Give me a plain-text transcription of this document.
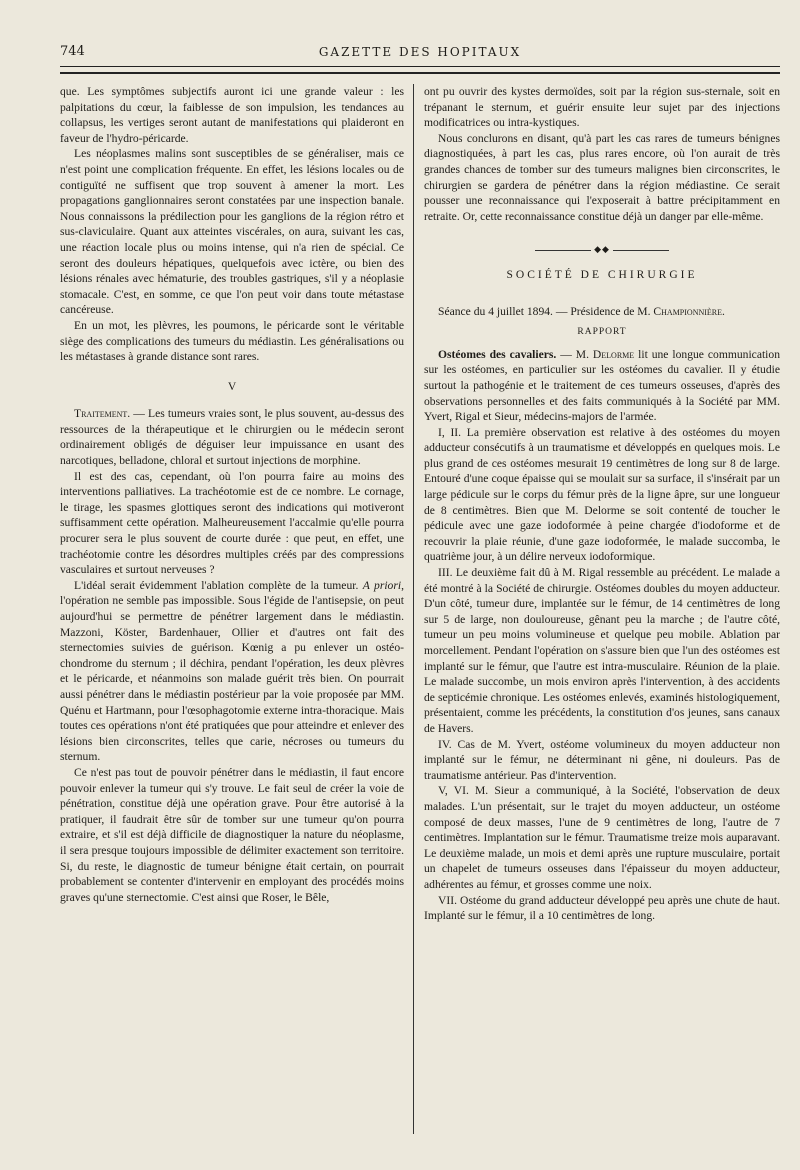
744	GAZETTE DES HOPITAUX

que. Les symptômes subjectifs auront ici une grande valeur : les palpitations du cœur, la faiblesse de son impulsion, les tendances au collapsus, les vertiges seront autant de manifestations qui plaideront en faveur de l'hydro-péricarde.

Les néoplasmes malins sont susceptibles de se généraliser, mais ce n'est point une complication fréquente. En effet, les lésions locales ou de contiguïté ne suffisent que trop souvent à amener la mort. Les propagations ganglionnaires seront constatées par une inspection banale. Nous connaissons la prédilection pour les ganglions de la région rétro et sus-claviculaire. Quant aux atteintes viscérales, on aura, suivant les cas, une réaction locale plus ou moins intense, qui n'a rien de spécial. Ce seront des douleurs hépatiques, quelquefois avec ictère, ou bien des lésions rénales avec hématurie, des troubles gastriques, s'il y a néoplasie stomacale. C'est, en somme, ce que l'on peut voir dans toute métastase cancéreuse.

En un mot, les plèvres, les poumons, le péricarde sont le véritable siège des complications des tumeurs du médiastin. Les généralisations ou les métastases à grande distance sont rares.

V

Traitement. — Les tumeurs vraies sont, le plus souvent, au-dessus des ressources de la thérapeutique et le chirurgien ou le médecin seront ordinairement obligés de déguiser leur impuissance en usant des narcotiques, belladone, chloral et surtout injections de morphine.

Il est des cas, cependant, où l'on pourra faire au moins des interventions palliatives. La trachéotomie est de ce nombre. Le cornage, le tirage, les spasmes glottiques seront des indications qui motiveront suffisamment cette opération. Malheureusement l'accalmie qu'elle pourra procurer sera le plus souvent de courte durée : que peut, en effet, une trachéotomie contre les désordres multiples créés par des compressions vasculaires et surtout nerveuses ?

L'idéal serait évidemment l'ablation complète de la tumeur. A priori, l'opération ne semble pas impossible. Sous l'égide de l'antisepsie, on peut aujourd'hui se permettre de pénétrer largement dans le médiastin. Mazzoni, Köster, Bardenhauer, Ollier et d'autres ont fait des sternectomies suivies de guérison. Kœnig a pu enlever un ostéo-chondrome du sternum ; il déchira, pendant l'opération, les deux plèvres et le péricarde, et néanmoins son malade guérit très bien. On pourrait aussi pénétrer dans le médiastin postérieur par la voie proposée par MM. Quénu et Hartmann, pour l'œsophagotomie externe intra-thoracique. Mais toutes ces opérations n'ont été pratiquées que pour atteindre et enlever des lésions bien circonscrites, telles que carie, nécroses ou tumeurs du sternum.

Ce n'est pas tout de pouvoir pénétrer dans le médiastin, il faut encore pouvoir enlever la tumeur qui s'y trouve. Le fait seul de créer la voie de pénétration, constitue déjà une opération grave. Pour être autorisé à la pratiquer, il faudrait être sûr de tomber sur une tumeur qu'on pourra extraire, et s'il est déjà difficile de diagnostiquer la nature du néoplasme, il sera presque toujours impossible de délimiter exactement son territoire. Si, du reste, le diagnostic de tumeur bénigne était certain, on pourrait probablement se contenter d'intervenir en employant des procédés moins graves qu'une sternectomie. C'est ainsi que Roser, le Bêle,

ont pu ouvrir des kystes dermoïdes, soit par la région sus-sternale, soit en trépanant le sternum, et guérir ensuite leur sujet par des injections modificatrices ou intra-kystiques.

Nous conclurons en disant, qu'à part les cas rares de tumeurs bénignes diagnostiquées, à part les cas, plus rares encore, où l'on aurait de très grandes chances de tomber sur des tumeurs malignes bien circonscrites, le chirurgien se gardera de pénétrer dans la région médiastine. Ce serait pousser une reconnaissance qui l'exposerait à battre précipitamment en retraite. Or, cette reconnaissance constitue déjà un danger par elle-même.

◆◆
SOCIÉTÉ DE CHIRURGIE

Séance du 4 juillet 1894. — Présidence de M. Championnière.

RAPPORT

Ostéomes des cavaliers. — M. Delorme lit une longue communication sur les ostéomes, en particulier sur les ostéomes du cavalier. Il y étudie surtout la pathogénie et le traitement de ces tumeurs osseuses, d'après des observations personnelles et des faits communiqués à la Société par MM. Yvert, Rigal et Sieur, médecins-majors de l'armée.

I, II. La première observation est relative à des ostéomes du moyen adducteur consécutifs à un traumatisme et développés en quelques mois. Le plus grand de ces ostéomes mesurait 19 centimètres de long sur 8 de large. Entouré d'une coque épaisse qui se moulait sur sa surface, il s'insérait par un large pédicule sur le corps du fémur près de la ligne âpre, sur une longueur de 8 centimètres. Bien que M. Delorme se soit contenté de toucher le pédicule avec une gaze iodoformée à peine chargée d'iodoforme et de recouvrir la plaie réunie, d'une gaze iodoformée, le malade succomba, le quatrième jour, à un délire nerveux iodoformique.

III. Le deuxième fait dû à M. Rigal ressemble au précédent. Le malade a été montré à la Société de chirurgie. Ostéomes doubles du moyen adducteur. D'un côté, tumeur dure, implantée sur le fémur, de 14 centimètres de long sur 5 de large, non douloureuse, gênant peu la marche ; de l'autre côté, tumeur un peu moins volumineuse et quelque peu mobile. Ablation par morcellement. Pendant l'opération on s'assure bien que l'un des ostéomes est implanté sur le fémur, que l'autre est intra-musculaire. Réunion de la plaie. Le malade succombe, un mois environ après l'intervention, à des accidents de septicémie chronique. Les ostéomes enlevés, examinés histologiquement, présentaient, comme les précédents, la constitution d'os jeunes, sans canaux de Havers.

IV. Cas de M. Yvert, ostéome volumineux du moyen adducteur non implanté sur le fémur, ne déterminant ni gêne, ni douleurs. Pas de traumatisme antérieur. Pas d'intervention.

V, VI. M. Sieur a communiqué, à la Société, l'observation de deux malades. L'un présentait, sur le trajet du moyen adducteur, un ostéome composé de deux masses, l'une de 9 centimètres de long, l'autre de 7 centimètres. Implantation sur le fémur. Traumatisme treize mois auparavant. Le deuxième malade, un mois et demi après une rupture musculaire, portait un chapelet de tumeurs osseuses dans l'épaisseur du moyen adducteur, adhérentes au fémur, et grosses comme une noix.

VII. Ostéome du grand adducteur développé peu après une chute de haut. Implanté sur le fémur, il a 10 centimètres de long.
